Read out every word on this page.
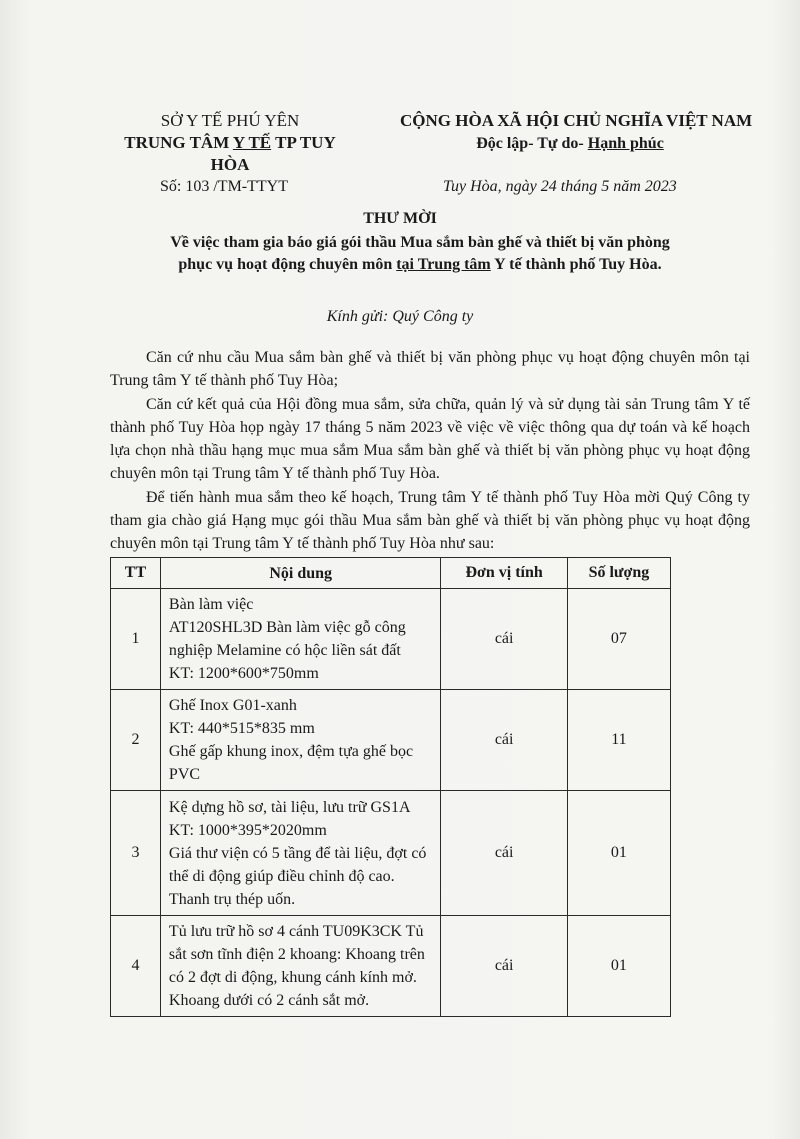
SỞ Y TẾ PHÚ YÊN
TRUNG TÂM Y TẾ TP TUY HÒA
CỘNG HÒA XÃ HỘI CHỦ NGHĨA VIỆT NAM
Độc lập- Tự do- Hạnh phúc
Số: 103 /TM-TTYT	Tuy Hòa, ngày 24 tháng 5 năm 2023
THƯ MỜI
Về việc tham gia báo giá gói thầu Mua sắm bàn ghế và thiết bị văn phòng
phục vụ hoạt động chuyên môn tại Trung tâm Y tế thành phố Tuy Hòa.
Kính gửi: Quý Công ty
Căn cứ nhu cầu Mua sắm bàn ghế và thiết bị văn phòng phục vụ hoạt động chuyên môn tại Trung tâm Y tế thành phố Tuy Hòa;
Căn cứ kết quả của Hội đồng mua sắm, sửa chữa, quản lý và sử dụng tài sản Trung tâm Y tế thành phố Tuy Hòa họp ngày 17 tháng 5 năm 2023 về việc về việc thông qua dự toán và kế hoạch lựa chọn nhà thầu hạng mục mua sắm Mua sắm bàn ghế và thiết bị văn phòng phục vụ hoạt động chuyên môn tại Trung tâm Y tế thành phố Tuy Hòa.
Để tiến hành mua sắm theo kế hoạch, Trung tâm Y tế thành phố Tuy Hòa mời Quý Công ty tham gia chào giá Hạng mục gói thầu Mua sắm bàn ghế và thiết bị văn phòng phục vụ hoạt động chuyên môn tại Trung tâm Y tế thành phố Tuy Hòa như sau:
TT	Nội dung	Đơn vị tính	Số lượng
1	Bàn làm việc
AT120SHL3D Bàn làm việc gỗ công nghiệp Melamine có hộc liền sát đất
KT: 1200*600*750mm	cái	07
2	Ghế Inox G01-xanh
KT: 440*515*835 mm
Ghế gấp khung inox, đệm tựa ghế bọc PVC	cái	11
3	Kệ dựng hồ sơ, tài liệu, lưu trữ GS1A
KT: 1000*395*2020mm
Giá thư viện có 5 tầng để tài liệu, đợt có thể di động giúp điều chỉnh độ cao. Thanh trụ thép uốn.	cái	01
4	Tủ lưu trữ hồ sơ 4 cánh TU09K3CK Tủ sắt sơn tĩnh điện 2 khoang: Khoang trên có 2 đợt di động, khung cánh kính mở. Khoang dưới có 2 cánh sắt mở.	cái	01
